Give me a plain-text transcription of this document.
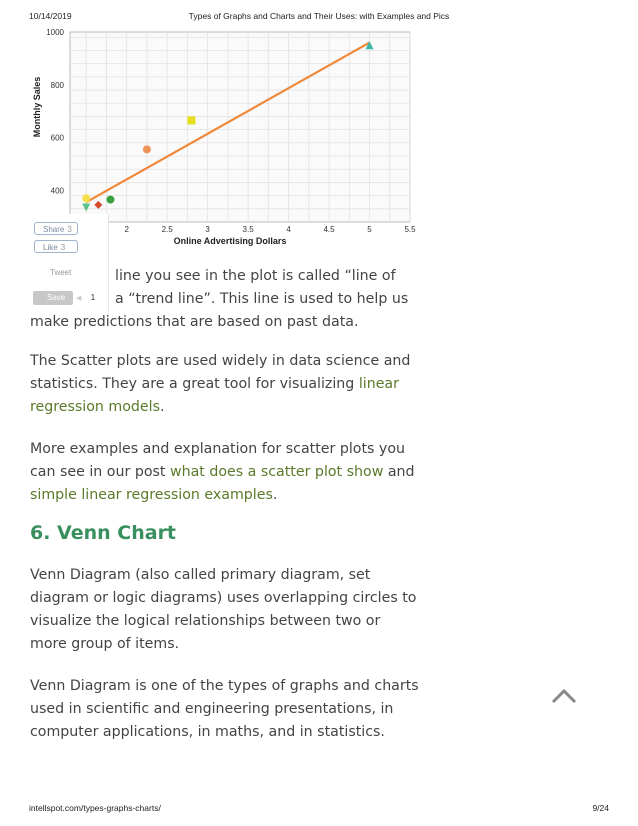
10/14/2019	Types of Graphs and Charts and Their Uses: with Examples and Pics
400
600
800
1000
2	2.5	3	3.5	4	4.5	5	5.5
Online Advertising Dollars
Monthly Sales
Share 3
Like 3
Tweet
Save	◀	1

line you see in the plot is called “line of

a “trend line”. This line is used to help us

make predictions that are based on past data.

The Scatter plots are used widely in data science and statistics. They are a great tool for visualizing linear regression models.

More examples and explanation for scatter plots you can see in our post what does a scatter plot show and simple linear regression examples.

6. Venn Chart

Venn Diagram (also called primary diagram, set diagram or logic diagrams) uses overlapping circles to visualize the logical relationships between two or more group of items.

Venn Diagram is one of the types of graphs and charts used in scientific and engineering presentations, in computer applications, in maths, and in statistics.

intellspot.com/types-graphs-charts/	9/24
